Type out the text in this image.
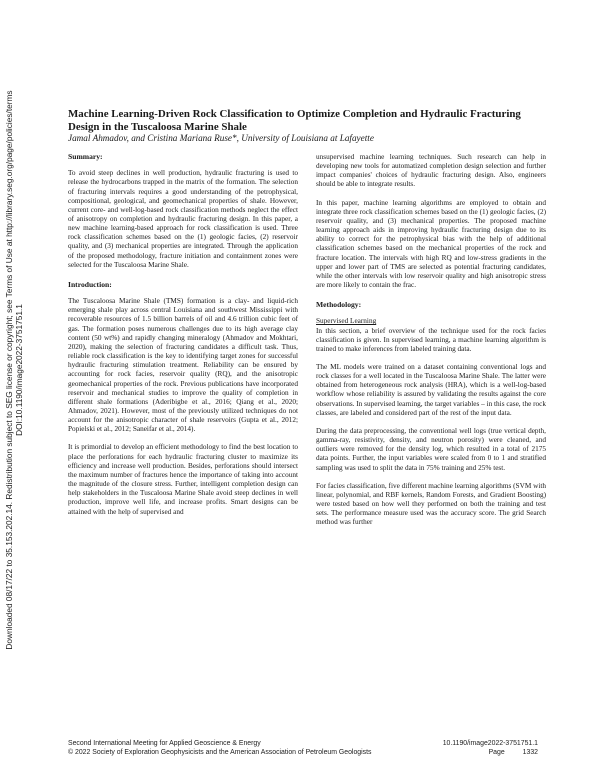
Downloaded 08/17/22 to 35.153.202.14. Redistribution subject to SEG license or copyright; see Terms of Use at http://library.seg.org/page/policies/terms DOI:10.1190/image2022-3751751.1
Machine Learning-Driven Rock Classification to Optimize Completion and Hydraulic Fracturing Design in the Tuscaloosa Marine Shale
Jamal Ahmadov, and Cristina Mariana Ruse*, University of Louisiana at Lafayette
Summary:

To avoid steep declines in well production, hydraulic fracturing is used to release the hydrocarbons trapped in the matrix of the formation. The selection of fracturing intervals requires a good understanding of the petrophysical, compositional, geological, and geomechanical properties of shale. However, current core- and well-log-based rock classification methods neglect the effect of anisotropy on completion and hydraulic fracturing design. In this paper, a new machine learning-based approach for rock classification is used. Three rock classification schemes based on the (1) geologic facies, (2) reservoir quality, and (3) mechanical properties are integrated. Through the application of the proposed methodology, fracture initiation and containment zones were selected for the Tuscaloosa Marine Shale.

Introduction:

The Tuscaloosa Marine Shale (TMS) formation is a clay- and liquid-rich emerging shale play across central Louisiana and southwest Mississippi with recoverable resources of 1.5 billion barrels of oil and 4.6 trillion cubic feet of gas. The formation poses numerous challenges due to its high average clay content (50 wt%) and rapidly changing mineralogy (Ahmadov and Mokhtari, 2020), making the selection of fracturing candidates a difficult task. Thus, reliable rock classification is the key to identifying target zones for successful hydraulic fracturing stimulation treatment. Reliability can be ensured by accounting for rock facies, reservoir quality (RQ), and the anisotropic geomechanical properties of the rock. Previous publications have incorporated reservoir and mechanical studies to improve the quality of completion in different shale formations (Aderibigbe et al., 2016; Qiang et al., 2020; Ahmadov, 2021). However, most of the previously utilized techniques do not account for the anisotropic character of shale reservoirs (Gupta et al., 2012; Popielski et al., 2012; Saneifar et al., 2014).

It is primordial to develop an efficient methodology to find the best location to place the perforations for each hydraulic fracturing cluster to maximize its efficiency and increase well production. Besides, perforations should intersect the maximum number of fractures hence the importance of taking into account the magnitude of the closure stress. Further, intelligent completion design can help stakeholders in the Tuscaloosa Marine Shale avoid steep declines in well production, improve well life, and increase profits. Smart designs can be attained with the help of supervised and

unsupervised machine learning techniques. Such research can help in developing new tools for automatized completion design selection and further impact companies' choices of hydraulic fracturing design. Also, engineers should be able to integrate results.

In this paper, machine learning algorithms are employed to obtain and integrate three rock classification schemes based on the (1) geologic facies, (2) reservoir quality, and (3) mechanical properties. The proposed machine learning approach aids in improving hydraulic fracturing design due to its ability to correct for the petrophysical bias with the help of additional classification schemes based on the mechanical properties of the rock and fracture location. The intervals with high RQ and low-stress gradients in the upper and lower part of TMS are selected as potential fracturing candidates, while the other intervals with low reservoir quality and high anisotropic stress are more likely to contain the frac.

Methodology:

Supervised Learning

In this section, a brief overview of the technique used for the rock facies classification is given. In supervised learning, a machine learning algorithm is trained to make inferences from labeled training data.

The ML models were trained on a dataset containing conventional logs and rock classes for a well located in the Tuscaloosa Marine Shale. The latter were obtained from heterogeneous rock analysis (HRA), which is a well-log-based workflow whose reliability is assured by validating the results against the core observations. In supervised learning, the target variables – in this case, the rock classes, are labeled and considered part of the rest of the input data.

During the data preprocessing, the conventional well logs (true vertical depth, gamma-ray, resistivity, density, and neutron porosity) were cleaned, and outliers were removed for the density log, which resulted in a total of 2175 data points. Further, the input variables were scaled from 0 to 1 and stratified sampling was used to split the data in 75% training and 25% test.

For facies classification, five different machine learning algorithms (SVM with linear, polynomial, and RBF kernels, Random Forests, and Gradient Boosting) were tested based on how well they performed on both the training and test sets. The performance measure used was the accuracy score. The grid Search method was further

Second International Meeting for Applied Geoscience & Energy	10.1190/image2022-3751751.1
© 2022 Society of Exploration Geophysicists and the American Association of Petroleum Geologists	Page	1332
